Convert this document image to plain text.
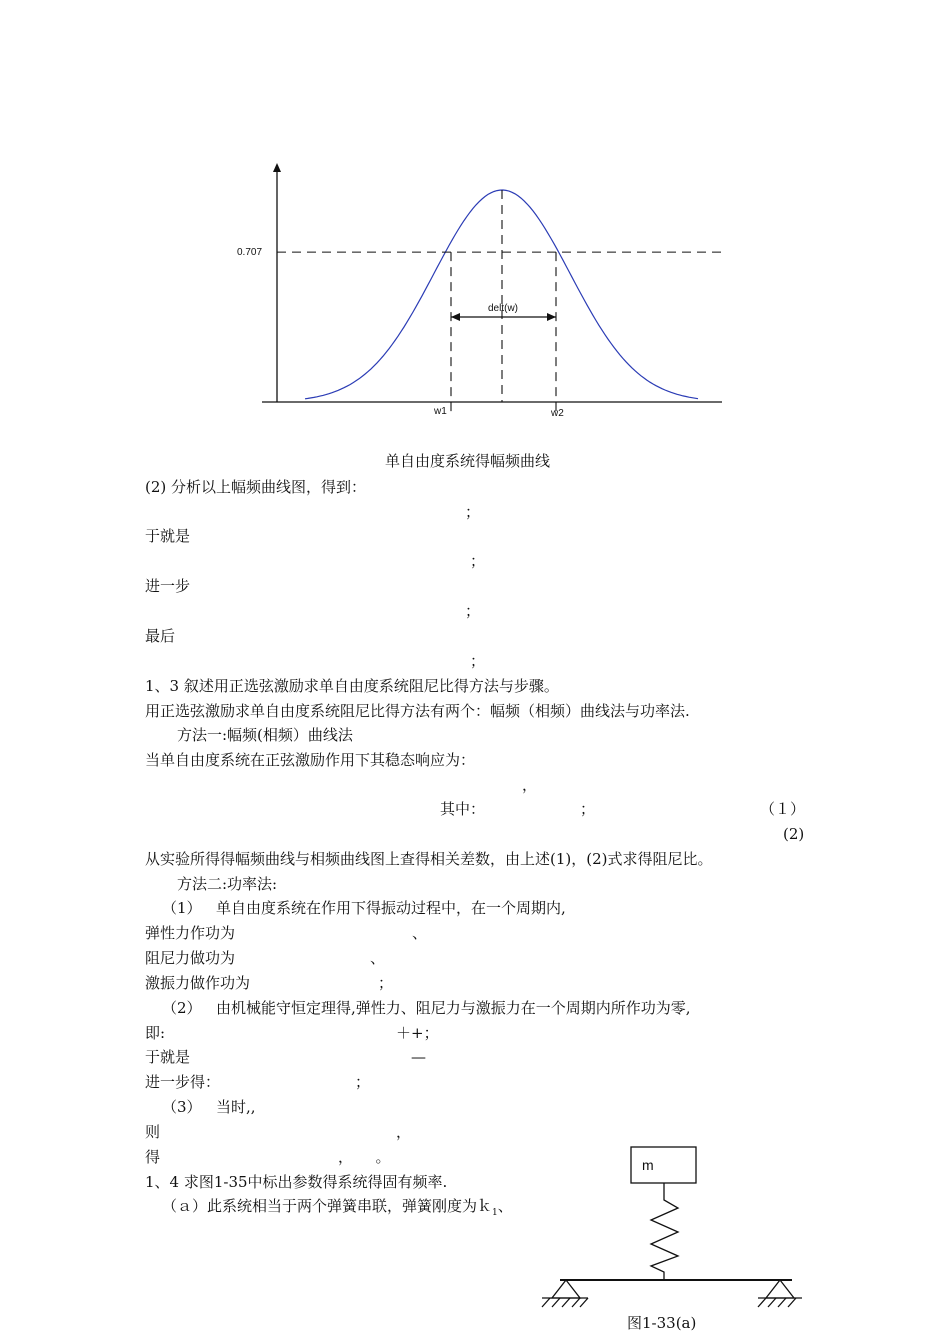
0.707
delt(w)
w1	w2
单自由度系统得幅频曲线
(2) 分析以上幅频曲线图，得到：
；
于就是
；
进一步
；
最后
；
1、3 叙述用正选弦激励求单自由度系统阻尼比得方法与步骤。
用正选弦激励求单自由度系统阻尼比得方法有两个：幅频（相频）曲线法与功率法.
方法一:幅频(相频）曲线法
当单自由度系统在正弦激励作用下其稳态响应为：
，
其中：	；	（１）
(2)
从实验所得得幅频曲线与相频曲线图上查得相关差数，由上述(1)，(2)式求得阻尼比。
方法二:功率法:
（1） 单自由度系统在作用下得振动过程中，在一个周期内,
弹性力作功为	、
阻尼力做功为	、
激振力做作功为	；
（2） 由机械能守恒定理得,弹性力、阻尼力与激振力在一个周期内所作功为零,
即:	＋+；
于就是	—
进一步得：	；
（3） 当时,,
则	，
得	，　　。
1、4 求图1-35中标出参数得系统得固有频率.
（ａ）此系统相当于两个弹簧串联，弹簧刚度为ｋ$_1$、
m
图1-33(a)
